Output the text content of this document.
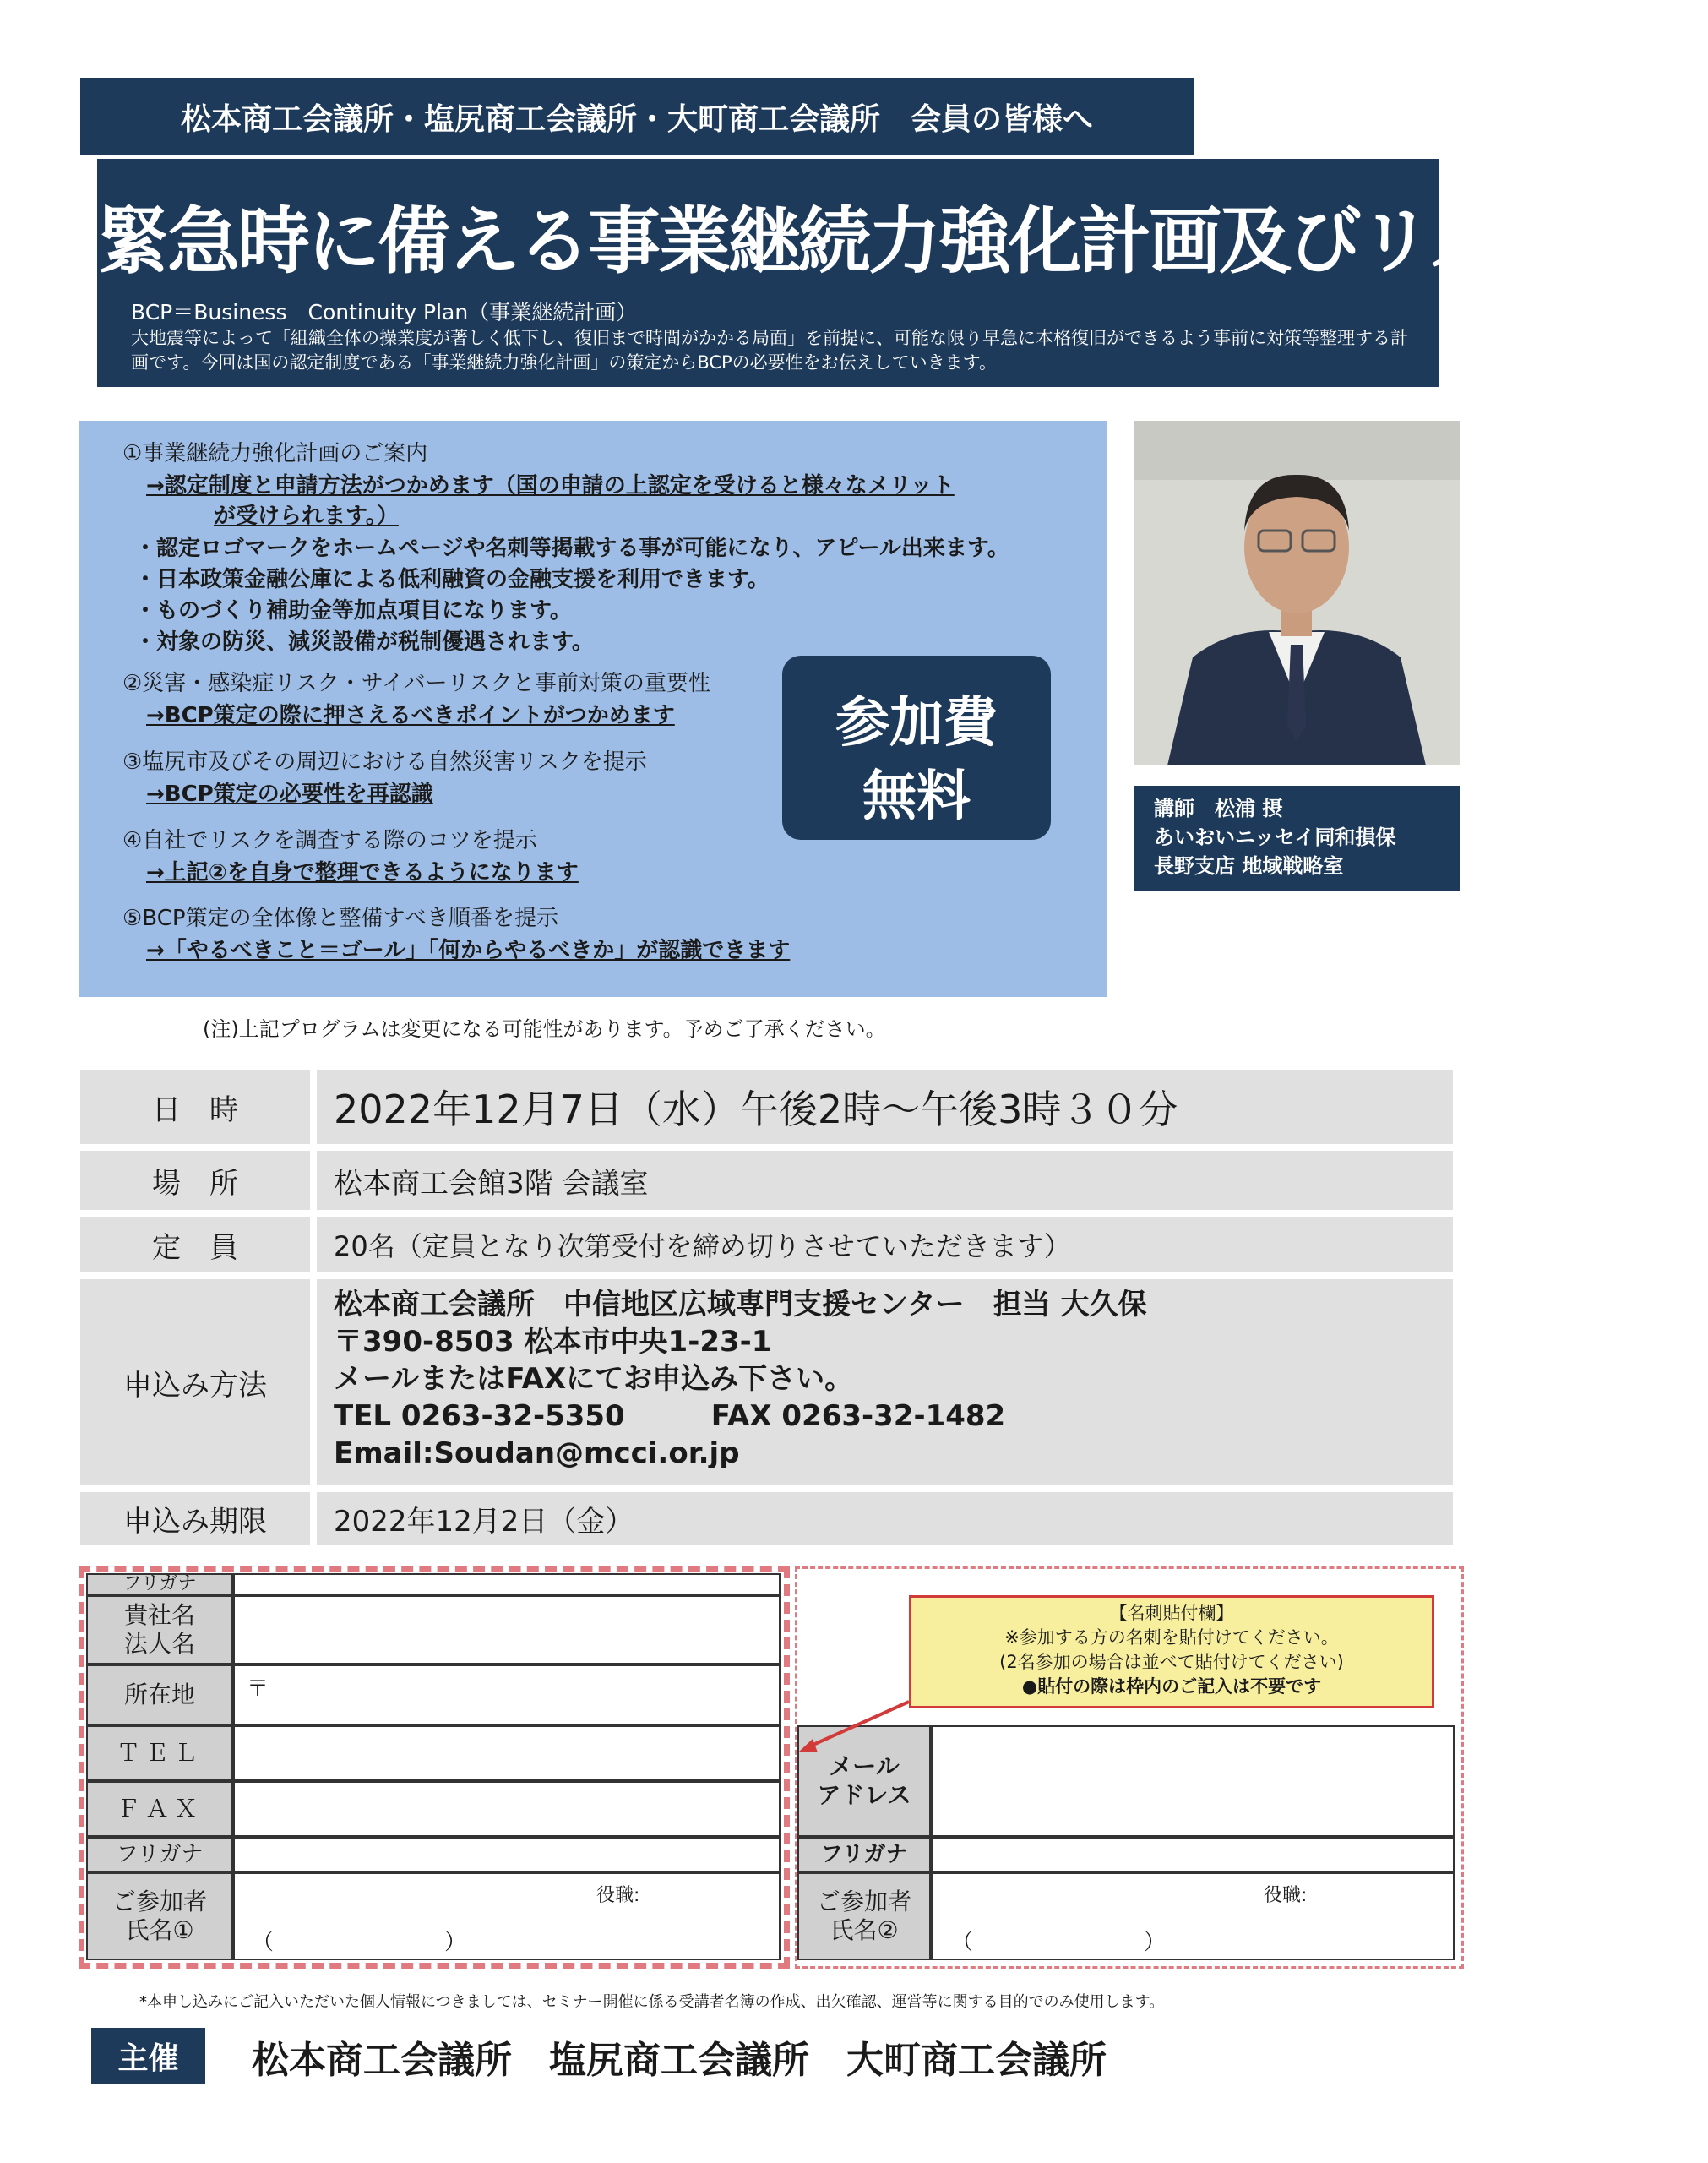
松本商工会議所・塩尻商工会議所・大町商工会議所　会員の皆様へ
緊急時に備える事業継続力強化計画及びリスク対策
BCP＝Business　Continuity Plan（事業継続計画）
大地震等によって「組織全体の操業度が著しく低下し、復旧まで時間がかかる局面」を前提に、可能な限り早急に本格復旧ができるよう事前に対策等整理する計画です。今回は国の認定制度である「事業継続力強化計画」の策定からBCPの必要性をお伝えしていきます。
①事業継続力強化計画のご案内
→認定制度と申請方法がつかめます（国の申請の上認定を受けると様々なメリット
が受けられます。）
・認定ロゴマークをホームページや名刺等掲載する事が可能になり、アピール出来ます。
・日本政策金融公庫による低利融資の金融支援を利用できます。
・ものづくり補助金等加点項目になります。
・対象の防災、減災設備が税制優遇されます。
②災害・感染症リスク・サイバーリスクと事前対策の重要性
→BCP策定の際に押さえるべきポイントがつかめます
③塩尻市及びその周辺における自然災害リスクを提示
→BCP策定の必要性を再認識
④自社でリスクを調査する際のコツを提示
→上記②を自身で整理できるようになります
⑤BCP策定の全体像と整備すべき順番を提示
→「やるべきこと＝ゴール」「何からやるべきか」が認識できます
参加費
無料	講師　松浦 摂
あいおいニッセイ同和損保
長野支店 地域戦略室
(注)上記プログラムは変更になる可能性があります。予めご了承ください。
日　時	2022年12月7日（水）午後2時～午後3時３０分
場　所	松本商工会館3階 会議室
定　員	20名（定員となり次第受付を締め切りさせていただきます）
申込み方法
松本商工会議所　中信地区広域専門支援センター　担当 大久保
〒390-8503 松本市中央1-23-1
メールまたはFAXにてお申込み下さい。
TEL 0263-32-5350　　　FAX 0263-32-1482
Email:Soudan@mcci.or.jp
申込み期限	2022年12月2日（金）
フリガナ
貴社名
法人名
所在地	〒
ＴＥＬ
ＦＡＸ
フリガナ
ご参加者
氏名①
役職:
（	）
メール
アドレス
フリガナ
ご参加者
氏名②
役職:
（	）
【名刺貼付欄】
※参加する方の名刺を貼付けてください。
(2名参加の場合は並べて貼付けてください)
●貼付の際は枠内のご記入は不要です
*本申し込みにご記入いただいた個人情報につきましては、セミナー開催に係る受講者名簿の作成、出欠確認、運営等に関する目的でのみ使用します。
主催	松本商工会議所　塩尻商工会議所　大町商工会議所
